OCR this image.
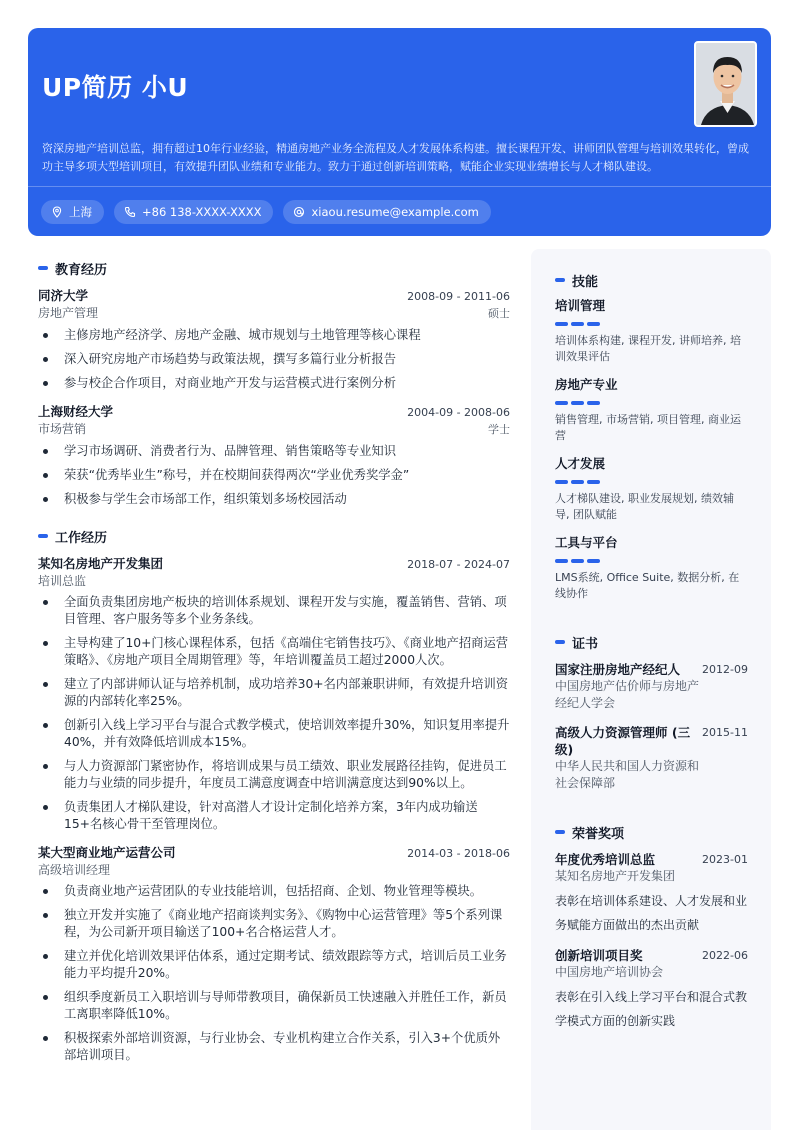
UP简历 小U
资深房地产培训总监，拥有超过10年行业经验，精通房地产业务全流程及人才发展体系构建。擅长课程开发、讲师团队管理与培训效果转化，曾成功主导多项大型培训项目，有效提升团队业绩和专业能力。致力于通过创新培训策略，赋能企业实现业绩增长与人才梯队建设。
上海	+86 138-XXXX-XXXX	xiaou.resume@example.com
教育经历
同济大学	2008-09 - 2011-06
房地产管理	硕士
主修房地产经济学、房地产金融、城市规划与土地管理等核心课程
深入研究房地产市场趋势与政策法规，撰写多篇行业分析报告
参与校企合作项目，对商业地产开发与运营模式进行案例分析
上海财经大学	2004-09 - 2008-06
市场营销	学士
学习市场调研、消费者行为、品牌管理、销售策略等专业知识
荣获“优秀毕业生”称号，并在校期间获得两次“学业优秀奖学金”
积极参与学生会市场部工作，组织策划多场校园活动
工作经历
某知名房地产开发集团	2018-07 - 2024-07
培训总监
全面负责集团房地产板块的培训体系规划、课程开发与实施，覆盖销售、营销、项目管理、客户服务等多个业务条线。
主导构建了10+门核心课程体系，包括《高端住宅销售技巧》、《商业地产招商运营策略》、《房地产项目全周期管理》等，年培训覆盖员工超过2000人次。
建立了内部讲师认证与培养机制，成功培养30+名内部兼职讲师，有效提升培训资源的内部转化率25%。
创新引入线上学习平台与混合式教学模式，使培训效率提升30%，知识复用率提升40%，并有效降低培训成本15%。
与人力资源部门紧密协作，将培训成果与员工绩效、职业发展路径挂钩，促进员工能力与业绩的同步提升，年度员工满意度调查中培训满意度达到90%以上。
负责集团人才梯队建设，针对高潜人才设计定制化培养方案，3年内成功输送15+名核心骨干至管理岗位。
某大型商业地产运营公司	2014-03 - 2018-06
高级培训经理
负责商业地产运营团队的专业技能培训，包括招商、企划、物业管理等模块。
独立开发并实施了《商业地产招商谈判实务》、《购物中心运营管理》等5个系列课程，为公司新开项目输送了100+名合格运营人才。
建立并优化培训效果评估体系，通过定期考试、绩效跟踪等方式，培训后员工业务能力平均提升20%。
组织季度新员工入职培训与导师带教项目，确保新员工快速融入并胜任工作，新员工离职率降低10%。
积极探索外部培训资源，与行业协会、专业机构建立合作关系，引入3+个优质外部培训项目。
技能
培训管理
培训体系构建, 课程开发, 讲师培养, 培训效果评估
房地产专业
销售管理, 市场营销, 项目管理, 商业运营
人才发展
人才梯队建设, 职业发展规划, 绩效辅导, 团队赋能
工具与平台
LMS系统, Office Suite, 数据分析, 在线协作
证书
国家注册房地产经纪人	2012-09
中国房地产估价师与房地产经纪人学会
高级人力资源管理师 (三级)
2015-11
中华人民共和国人力资源和社会保障部
荣誉奖项
年度优秀培训总监	2023-01
某知名房地产开发集团
表彰在培训体系建设、人才发展和业务赋能方面做出的杰出贡献
创新培训项目奖	2022-06
中国房地产培训协会
表彰在引入线上学习平台和混合式教学模式方面的创新实践
